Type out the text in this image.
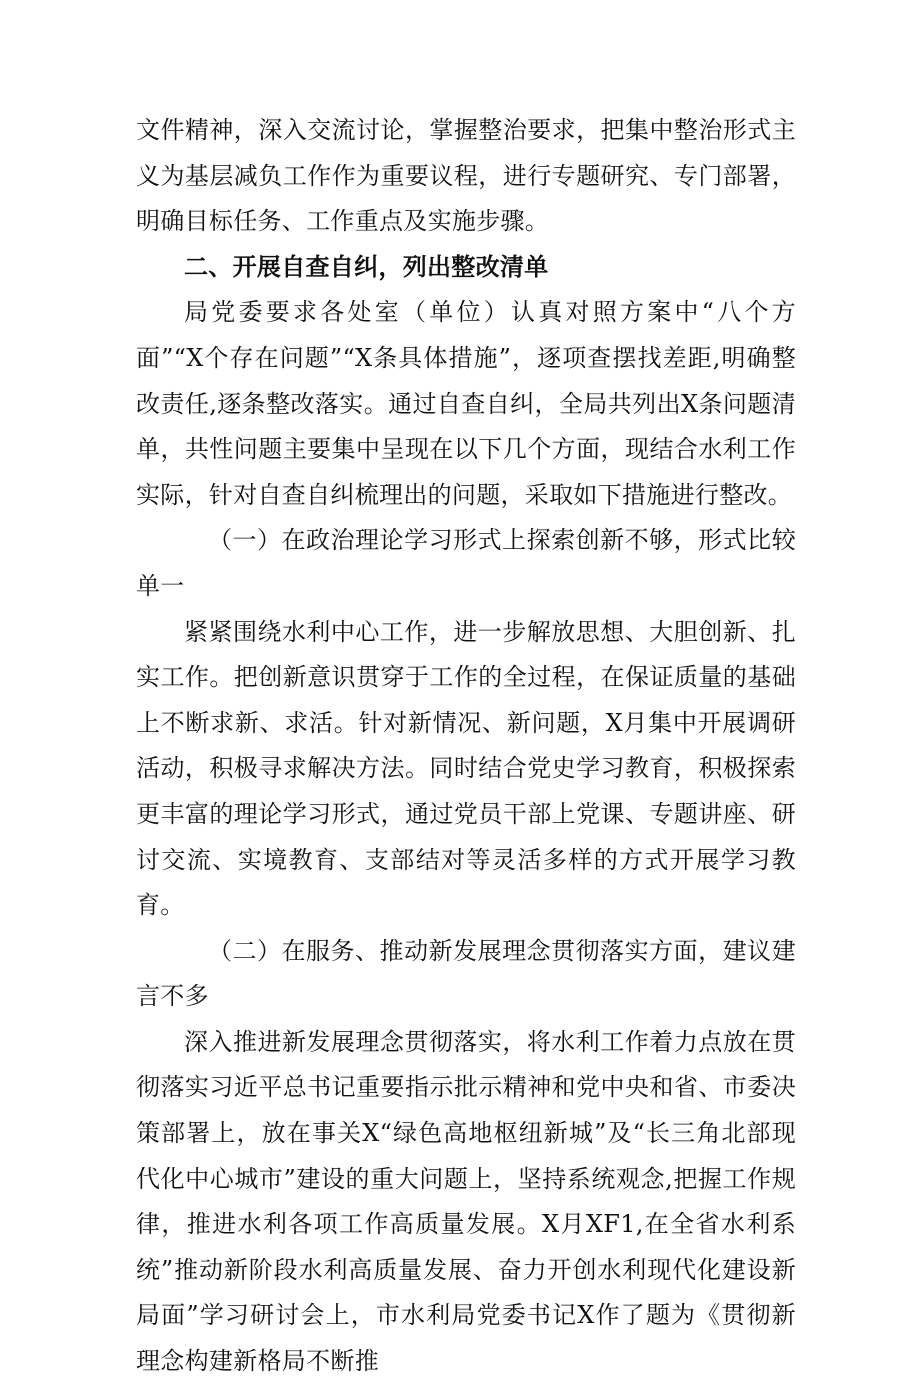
文件精神，深入交流讨论，掌握整治要求，把集中整治形式主义为基层减负工作作为重要议程，进行专题研究、专门部署，明确目标任务、工作重点及实施步骤。

二、开展自查自纠，列出整改清单

局党委要求各处室（单位）认真对照方案中“八个方面”“X个存在问题”“X条具体措施”，逐项查摆找差距,明确整改责任,逐条整改落实。通过自查自纠，全局共列出X条问题清单，共性问题主要集中呈现在以下几个方面，现结合水利工作实际，针对自查自纠梳理出的问题，采取如下措施进行整改。

（一）在政治理论学习形式上探索创新不够，形式比较单一

紧紧围绕水利中心工作，进一步解放思想、大胆创新、扎实工作。把创新意识贯穿于工作的全过程，在保证质量的基础上不断求新、求活。针对新情况、新问题，X月集中开展调研活动，积极寻求解决方法。同时结合党史学习教育，积极探索更丰富的理论学习形式，通过党员干部上党课、专题讲座、研讨交流、实境教育、支部结对等灵活多样的方式开展学习教育。

（二）在服务、推动新发展理念贯彻落实方面，建议建言不多

深入推进新发展理念贯彻落实，将水利工作着力点放在贯彻落实习近平总书记重要指示批示精神和党中央和省、市委决策部署上，放在事关X“绿色高地枢纽新城”及“长三角北部现代化中心城市”建设的重大问题上，坚持系统观念,把握工作规律，推进水利各项工作高质量发展。X月XF1,在全省水利系统”推动新阶段水利高质量发展、奋力开创水利现代化建设新局面”学习研讨会上，市水利局党委书记X作了题为《贯彻新理念构建新格局不断推
